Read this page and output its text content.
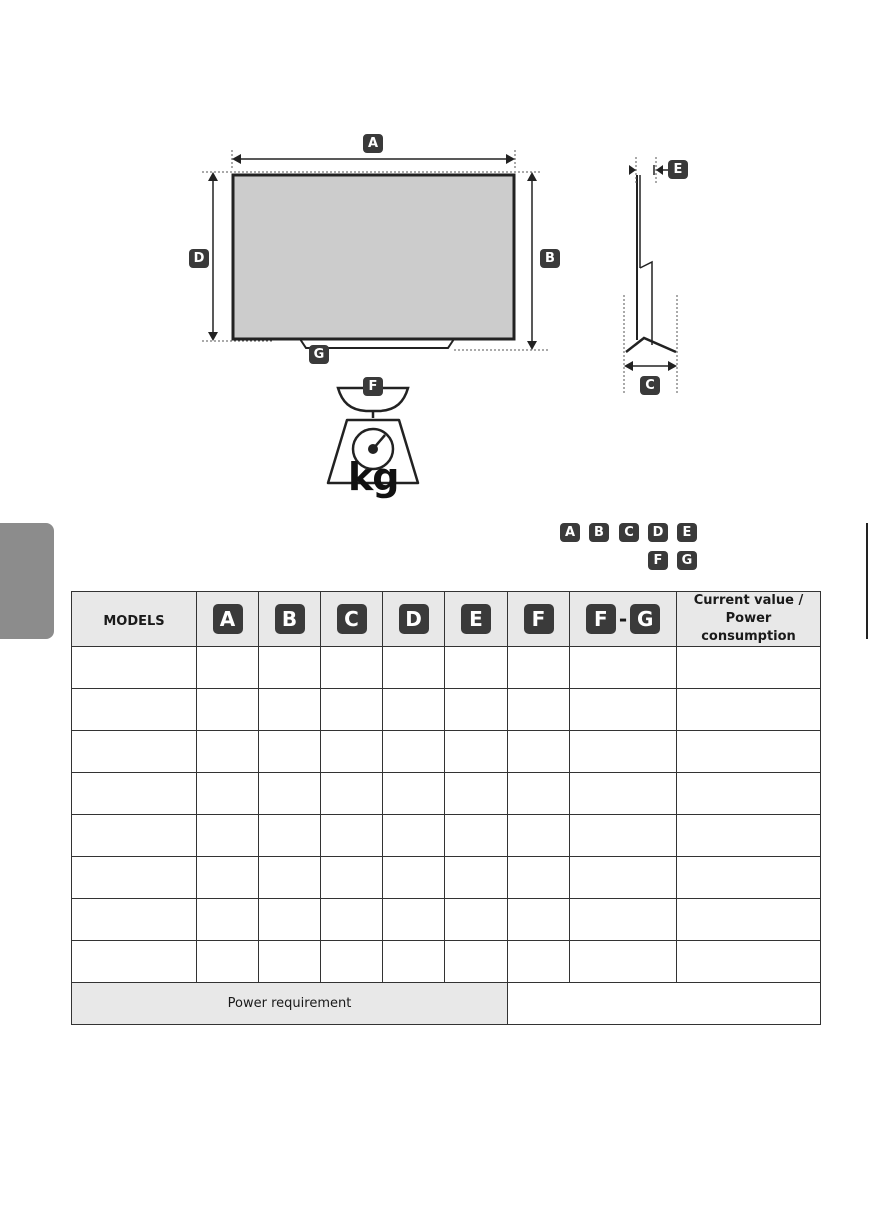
A
D	B
E
C
G
F
kg
A	B	C	D	E
F	G
MODELS	A	B	C	D	E	F	F - G	Current value /
Power consumption

Power requirement								
